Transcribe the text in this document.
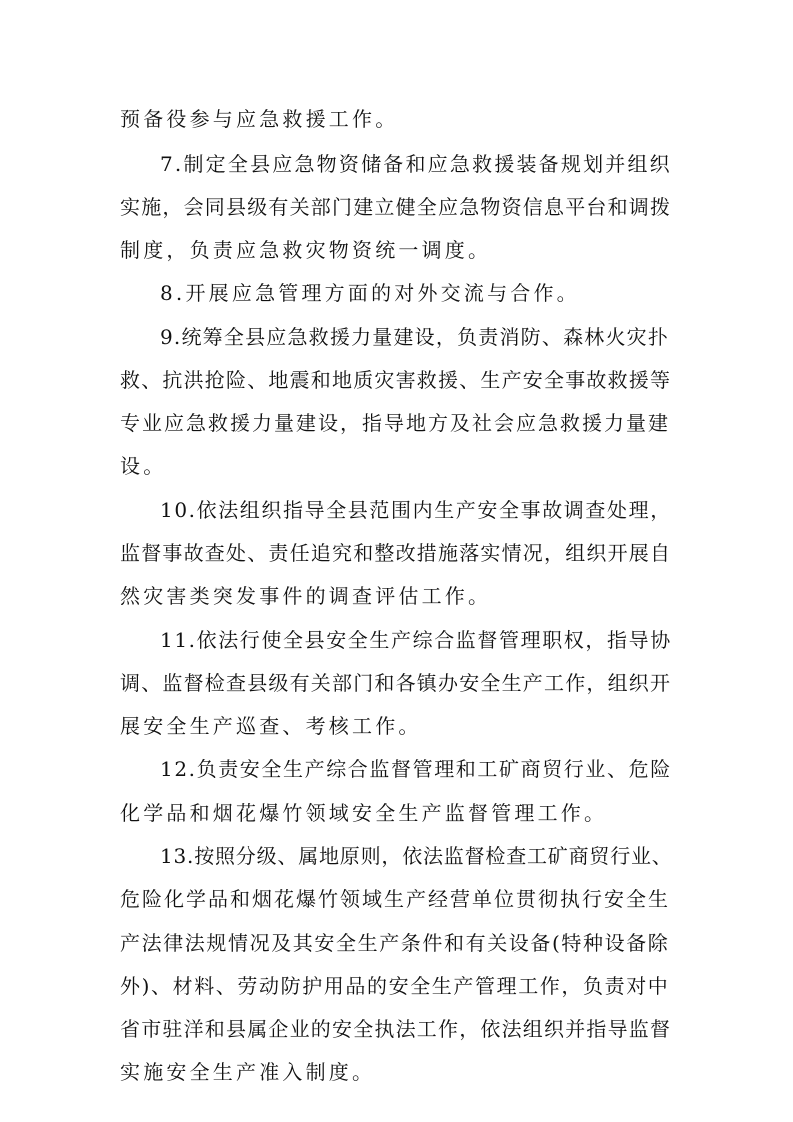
预备役参与应急救援工作。
7.制定全县应急物资储备和应急救援装备规划并组织
实施，会同县级有关部门建立健全应急物资信息平台和调拨
制度，负责应急救灾物资统一调度。
8.开展应急管理方面的对外交流与合作。
9.统筹全县应急救援力量建设，负责消防、森林火灾扑
救、抗洪抢险、地震和地质灾害救援、生产安全事故救援等
专业应急救援力量建设，指导地方及社会应急救援力量建
设。
10.依法组织指导全县范围内生产安全事故调查处理，
监督事故查处、责任追究和整改措施落实情况，组织开展自
然灾害类突发事件的调查评估工作。
11.依法行使全县安全生产综合监督管理职权，指导协
调、监督检查县级有关部门和各镇办安全生产工作，组织开
展安全生产巡查、考核工作。
12.负责安全生产综合监督管理和工矿商贸行业、危险
化学品和烟花爆竹领域安全生产监督管理工作。
13.按照分级、属地原则，依法监督检查工矿商贸行业、
危险化学品和烟花爆竹领域生产经营单位贯彻执行安全生
产法律法规情况及其安全生产条件和有关设备(特种设备除
外)、材料、劳动防护用品的安全生产管理工作，负责对中
省市驻洋和县属企业的安全执法工作，依法组织并指导监督
实施安全生产准入制度。
